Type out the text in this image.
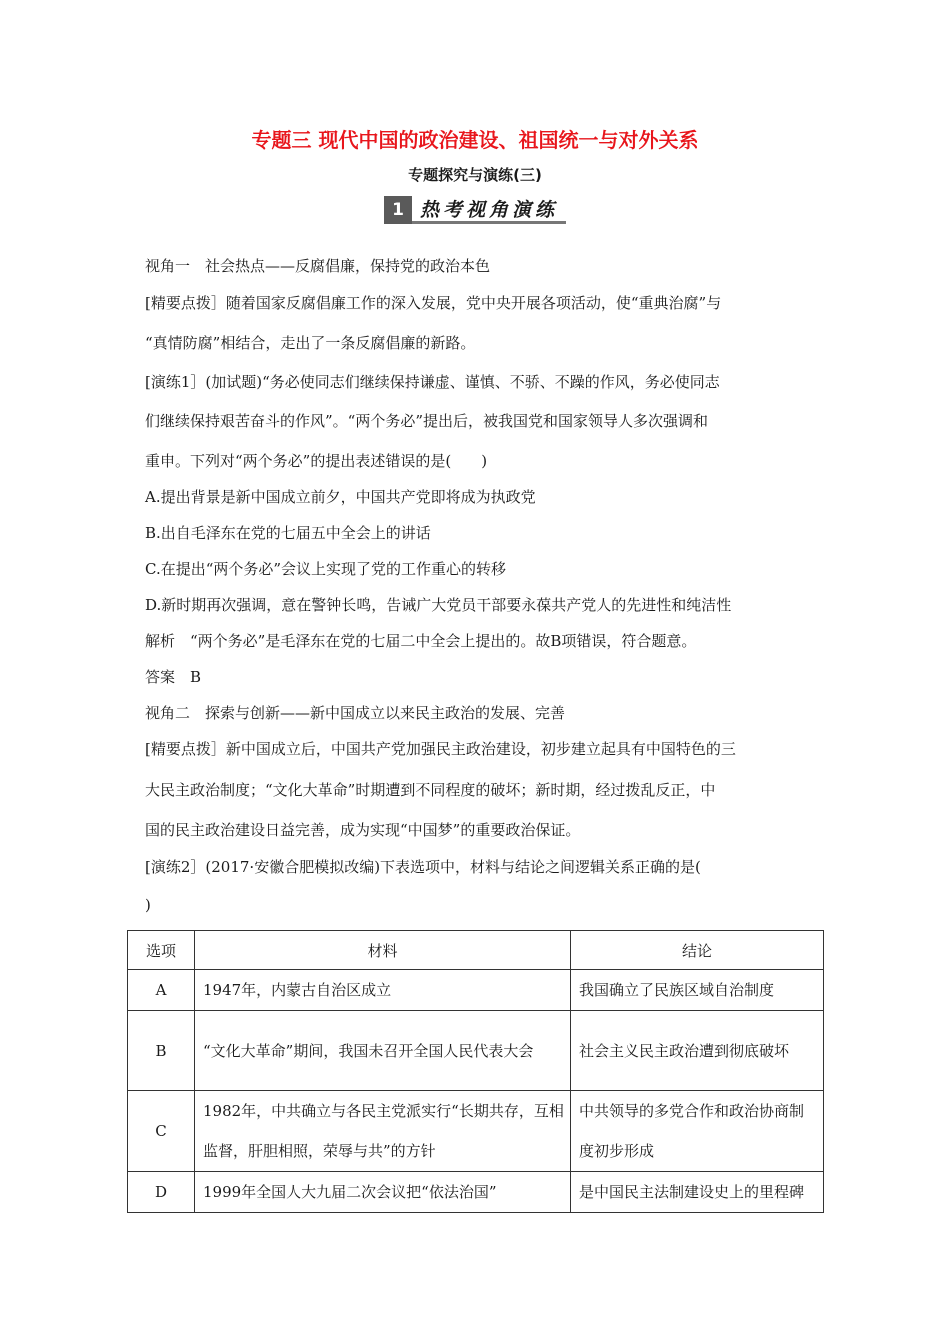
专题三 现代中国的政治建设、祖国统一与对外关系
专题探究与演练(三)
1 热考视角演练
视角一　社会热点——反腐倡廉，保持党的政治本色
[精要点拨］随着国家反腐倡廉工作的深入发展，党中央开展各项活动，使“重典治腐”与
“真情防腐”相结合，走出了一条反腐倡廉的新路。
[演练1］(加试题)“务必使同志们继续保持谦虚、谨慎、不骄、不躁的作风，务必使同志
们继续保持艰苦奋斗的作风”。“两个务必”提出后，被我国党和国家领导人多次强调和
重申。下列对“两个务必”的提出表述错误的是(　　)
A.提出背景是新中国成立前夕，中国共产党即将成为执政党
B.出自毛泽东在党的七届五中全会上的讲话
C.在提出“两个务必”会议上实现了党的工作重心的转移
D.新时期再次强调，意在警钟长鸣，告诫广大党员干部要永葆共产党人的先进性和纯洁性
解析　“两个务必”是毛泽东在党的七届二中全会上提出的。故B项错误，符合题意。
答案　B
视角二　探索与创新——新中国成立以来民主政治的发展、完善
[精要点拨］新中国成立后，中国共产党加强民主政治建设，初步建立起具有中国特色的三
大民主政治制度；“文化大革命”时期遭到不同程度的破坏；新时期，经过拨乱反正，中
国的民主政治建设日益完善，成为实现“中国梦”的重要政治保证。
[演练2］(2017·安徽合肥模拟改编)下表选项中，材料与结论之间逻辑关系正确的是(
)
选项	材料	结论
A	1947年，内蒙古自治区成立	我国确立了民族区域自治制度
B	“文化大革命”期间，我国未召开全国人民代表大会	社会主义民主政治遭到彻底破坏
C	1982年，中共确立与各民主党派实行“长期共存，互相监督，肝胆相照，荣辱与共”的方针	中共领导的多党合作和政治协商制度初步形成
D	1999年全国人大九届二次会议把“依法治国”	是中国民主法制建设史上的里程碑
